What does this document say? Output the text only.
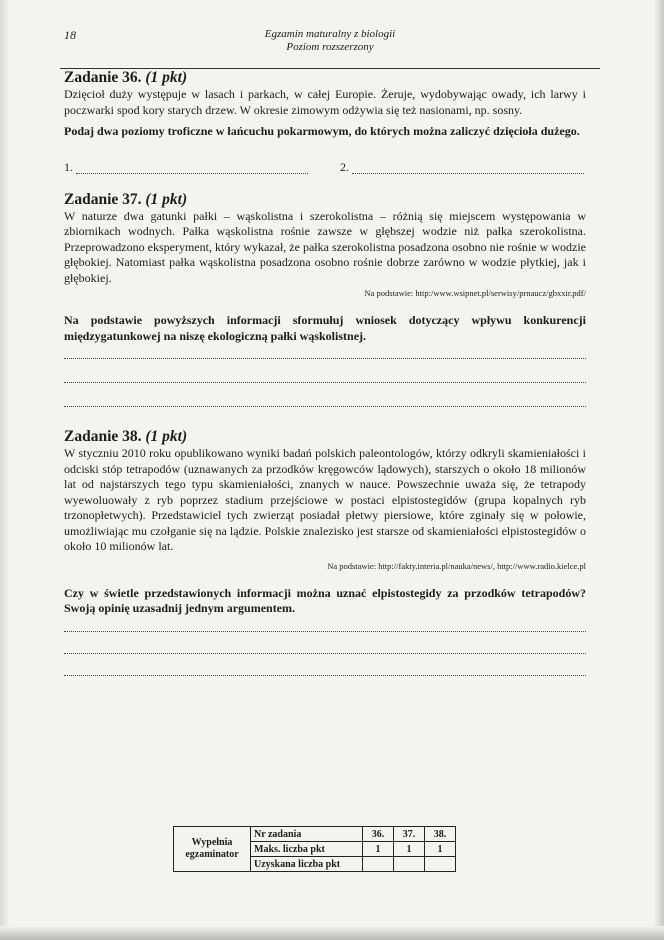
18	Egzamin maturalny z biologii
Poziom rozszerzony
Zadanie 36. (1 pkt)

Dzięcioł duży występuje w lasach i parkach, w całej Europie. Żeruje, wydobywając owady, ich larwy i poczwarki spod kory starych drzew. W okresie zimowym odżywia się też nasionami, np. sosny.

Podaj dwa poziomy troficzne w łańcuchu pokarmowym, do których można zaliczyć dzięcioła dużego.

1.	2.
Zadanie 37. (1 pkt)

W naturze dwa gatunki pałki – wąskolistna i szerokolistna – różnią się miejscem występowania w zbiornikach wodnych. Pałka wąskolistna rośnie zawsze w głębszej wodzie niż pałka szerokolistna. Przeprowadzono eksperyment, który wykazał, że pałka szerokolistna posadzona osobno nie rośnie w wodzie głębokiej. Natomiast pałka wąskolistna posadzona osobno rośnie dobrze zarówno w wodzie płytkiej, jak i głębokiej.

Na podstawie: http:/www.wsipnet.pl/serwisy/prnaucz/gbxxir.pdf/

Na podstawie powyższych informacji sformułuj wniosek dotyczący wpływu konkurencji międzygatunkowej na niszę ekologiczną pałki wąskolistnej.

Zadanie 38. (1 pkt)

W styczniu 2010 roku opublikowano wyniki badań polskich paleontologów, którzy odkryli skamieniałości i odciski stóp tetrapodów (uznawanych za przodków kręgowców lądowych), starszych o około 18 milionów lat od najstarszych tego typu skamieniałości, znanych w nauce. Powszechnie uważa się, że tetrapody wyewoluowały z ryb poprzez stadium przejściowe w postaci elpistostegidów (grupa kopalnych ryb trzonopłetwych). Przedstawiciel tych zwierząt posiadał płetwy piersiowe, które zginały się w połowie, umożliwiając mu czołganie się na lądzie. Polskie znalezisko jest starsze od skamieniałości elpistostegidów o około 10 milionów lat.

Na podstawie: http://fakty.interia.pl/nauka/news/, http://www.radio.kielce.pl

Czy w świetle przedstawionych informacji można uznać elpistostegidy za przodków tetrapodów? Swoją opinię uzasadnij jednym argumentem.

Wypełnia egzaminator	Nr zadania	36.	37.	38.
	Maks. liczba pkt	1	1	1
	Uzyskana liczba pkt			
